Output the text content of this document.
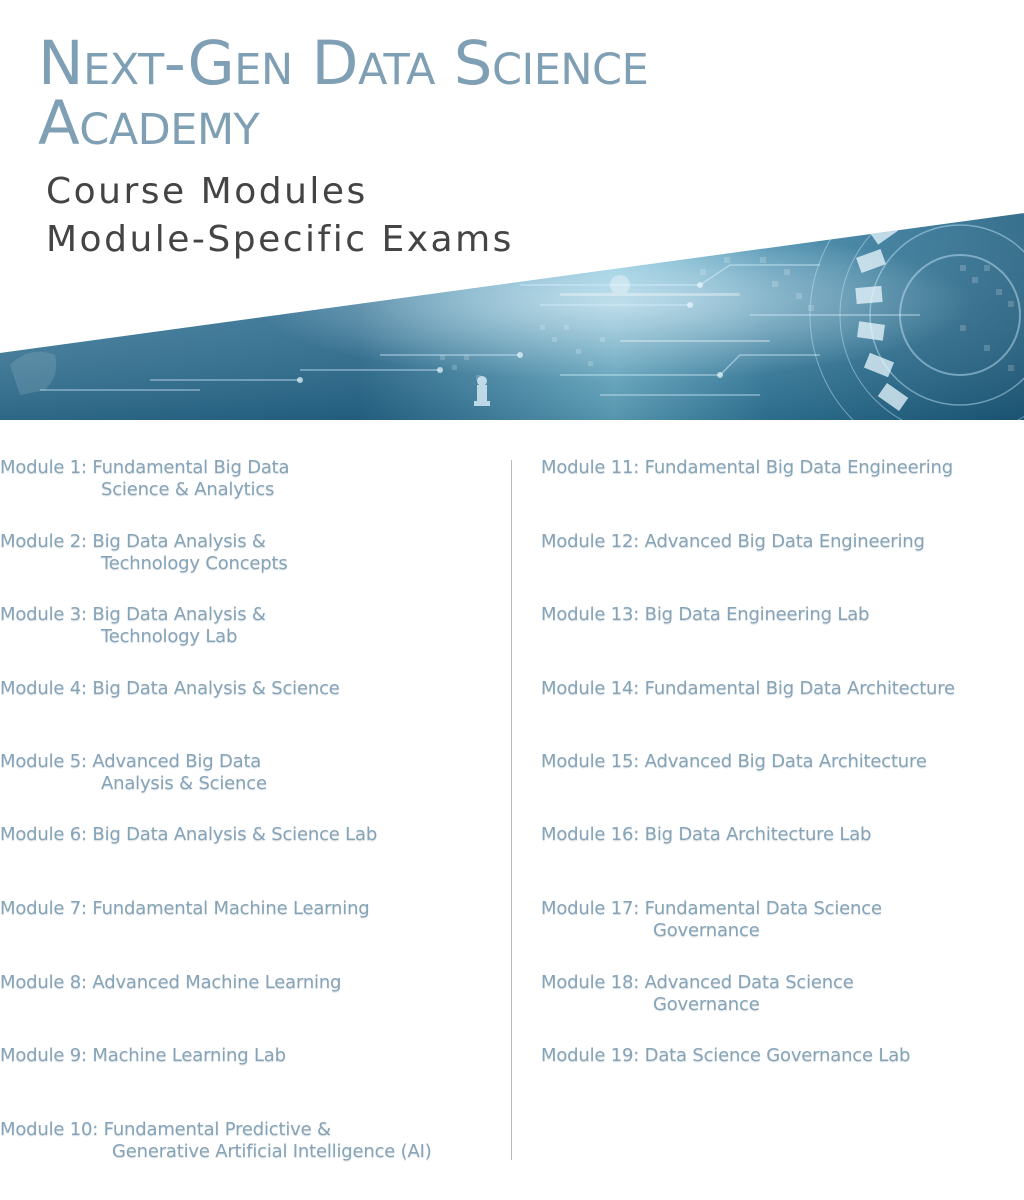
Next-Gen Data Science
Academy
Course Modules
Module-Specific Exams
Module 1: Fundamental Big Data
Science & Analytics
Module 2: Big Data Analysis &
Technology Concepts
Module 3: Big Data Analysis &
Technology Lab
Module 4: Big Data Analysis & Science
Module 5: Advanced Big Data
Analysis & Science
Module 6: Big Data Analysis & Science Lab
Module 7: Fundamental Machine Learning
Module 8: Advanced Machine Learning
Module 9: Machine Learning Lab
Module 10: Fundamental Predictive &
Generative Artificial Intelligence (AI)
Module 11: Fundamental Big Data Engineering
Module 12: Advanced Big Data Engineering
Module 13: Big Data Engineering Lab
Module 14: Fundamental Big Data Architecture
Module 15: Advanced Big Data Architecture
Module 16: Big Data Architecture Lab
Module 17: Fundamental Data Science
Governance
Module 18: Advanced Data Science
Governance
Module 19: Data Science Governance Lab
